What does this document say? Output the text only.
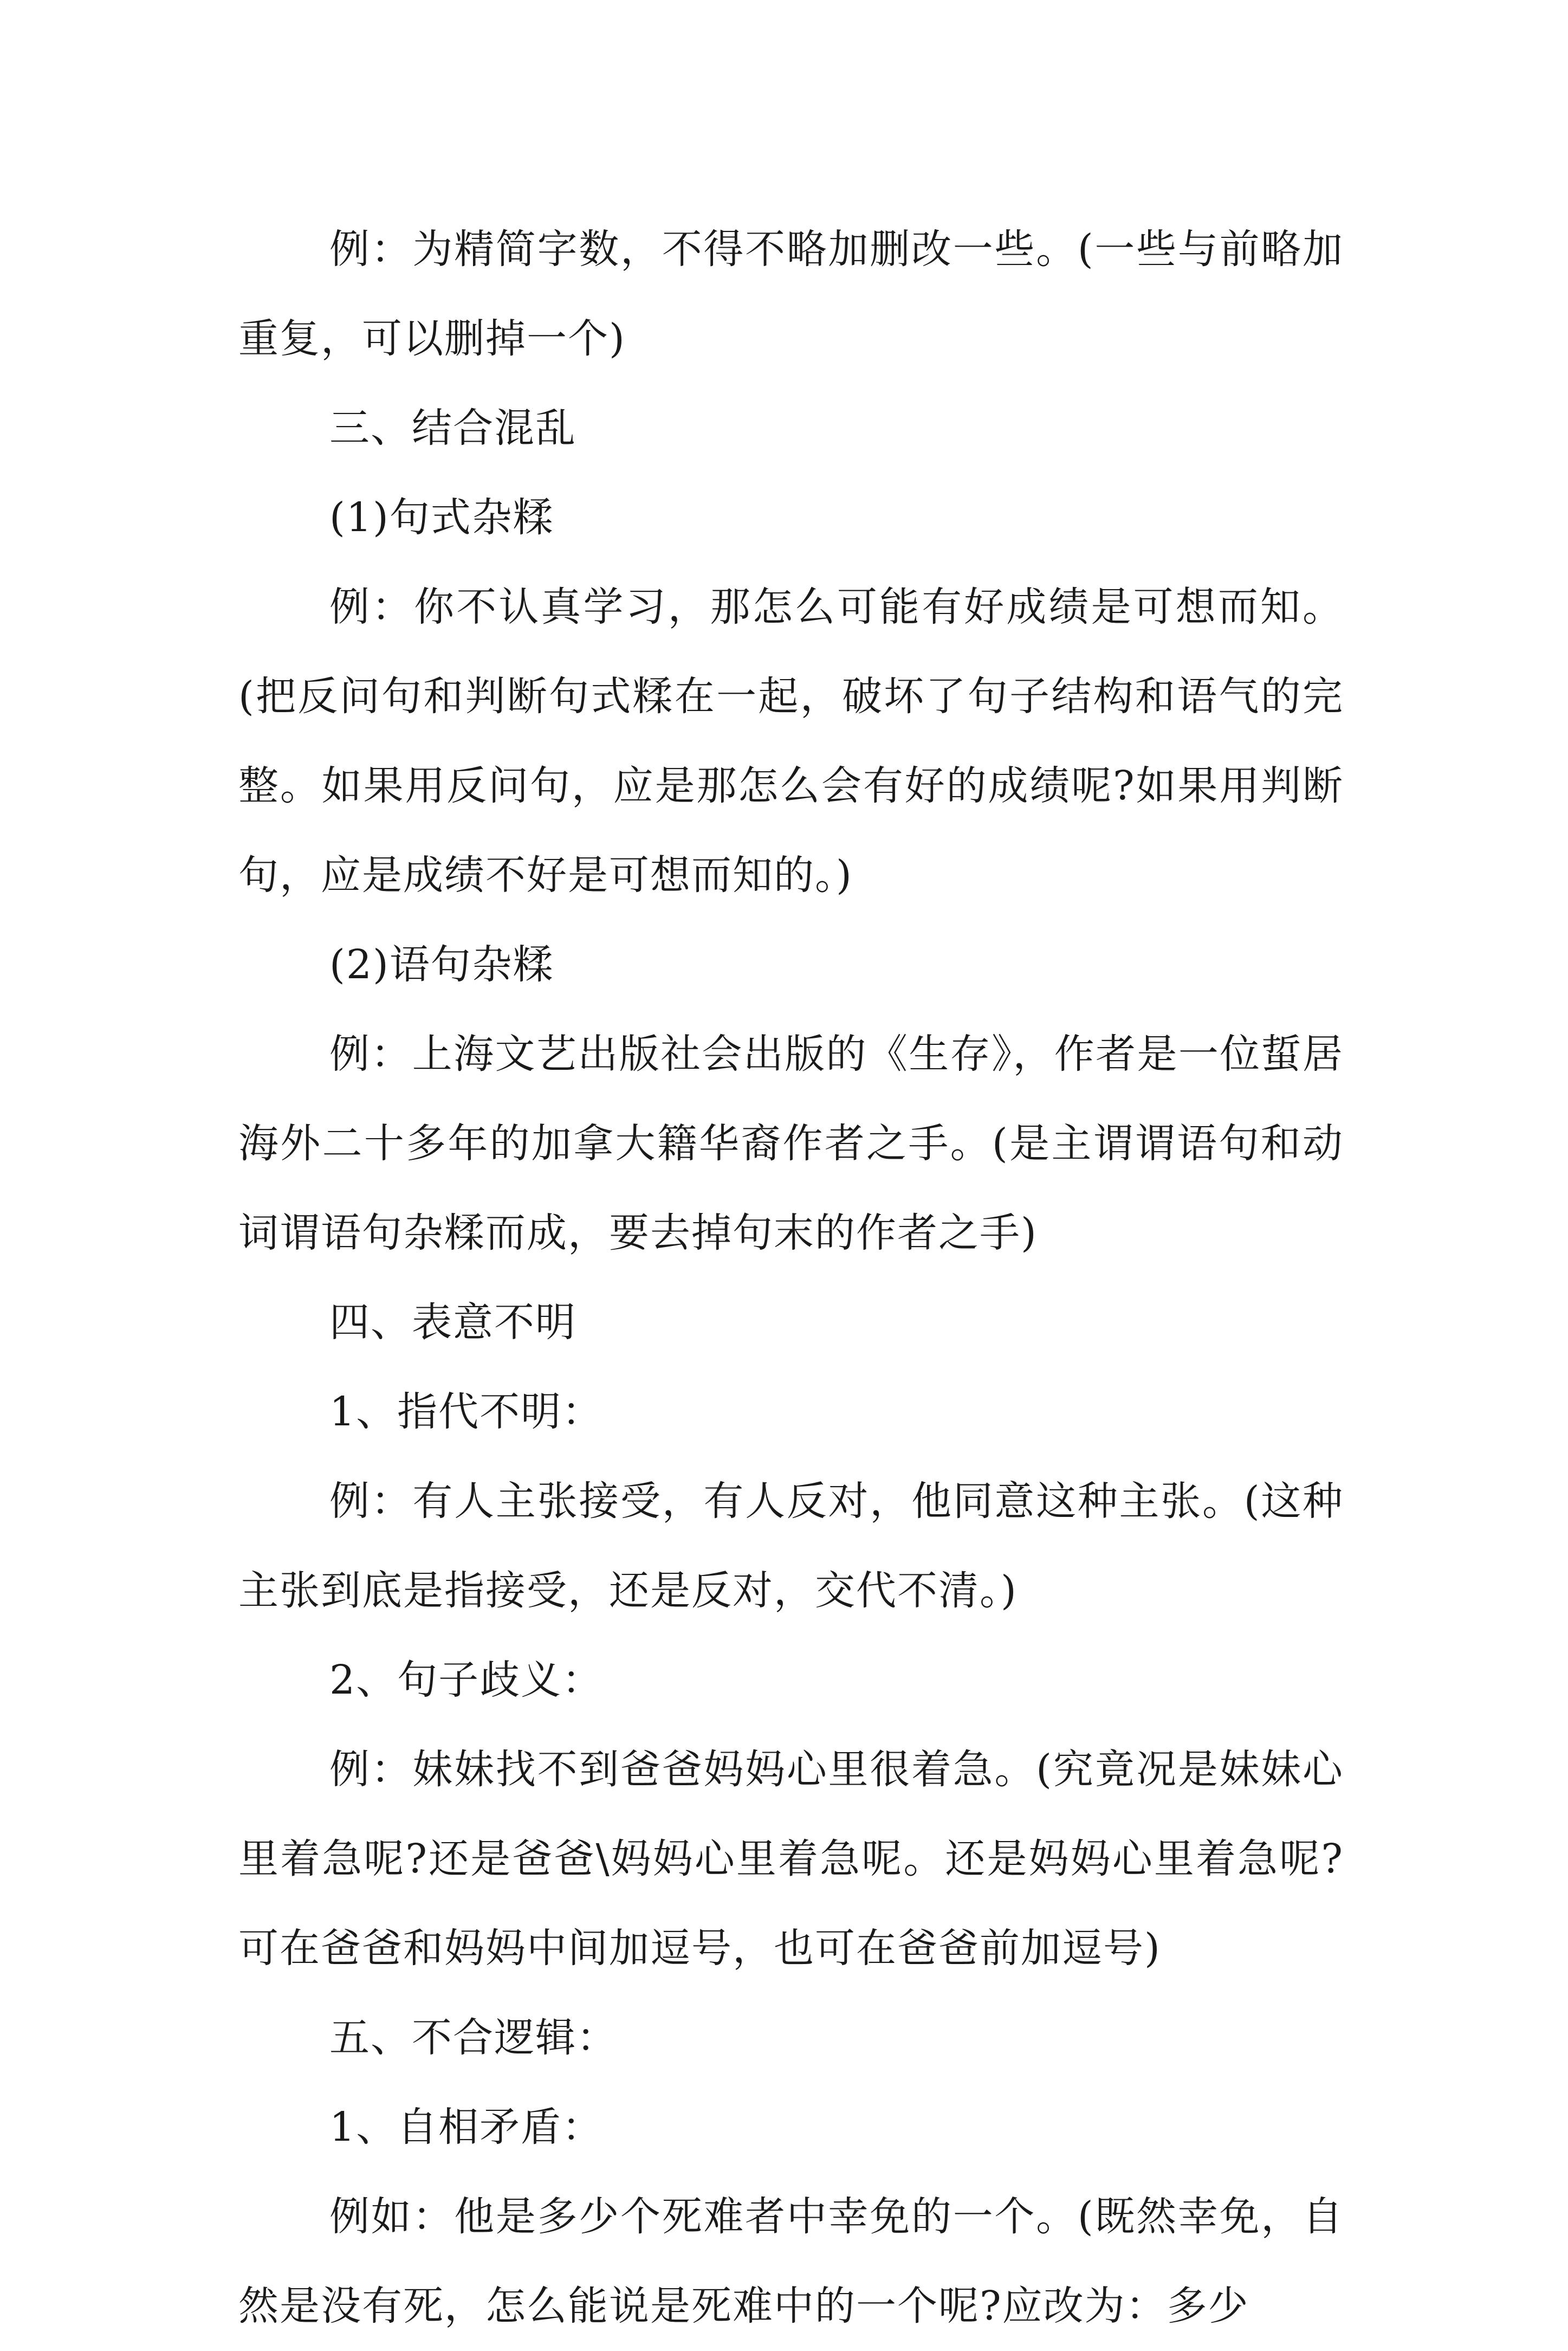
例：为精简字数，不得不略加删改一些。(一些与前略加重复，可以删掉一个)

三、结合混乱

(1)句式杂糅

例：你不认真学习，那怎么可能有好成绩是可想而知。(把反问句和判断句式糅在一起，破坏了句子结构和语气的完整。如果用反问句，应是那怎么会有好的成绩呢?如果用判断句，应是成绩不好是可想而知的。)

(2)语句杂糅

例：上海文艺出版社会出版的《生存》，作者是一位蜇居海外二十多年的加拿大籍华裔作者之手。(是主谓谓语句和动词谓语句杂糅而成，要去掉句末的作者之手)

四、表意不明

1、指代不明：

例：有人主张接受，有人反对，他同意这种主张。(这种主张到底是指接受，还是反对，交代不清。)

2、句子歧义：

例：妹妹找不到爸爸妈妈心里很着急。(究竟况是妹妹心里着急呢?还是爸爸\妈妈心里着急呢。还是妈妈心里着急呢?可在爸爸和妈妈中间加逗号，也可在爸爸前加逗号)

五、不合逻辑：

1、自相矛盾：

例如：他是多少个死难者中幸免的一个。(既然幸免，自然是没有死，怎么能说是死难中的一个呢?应改为：多少
